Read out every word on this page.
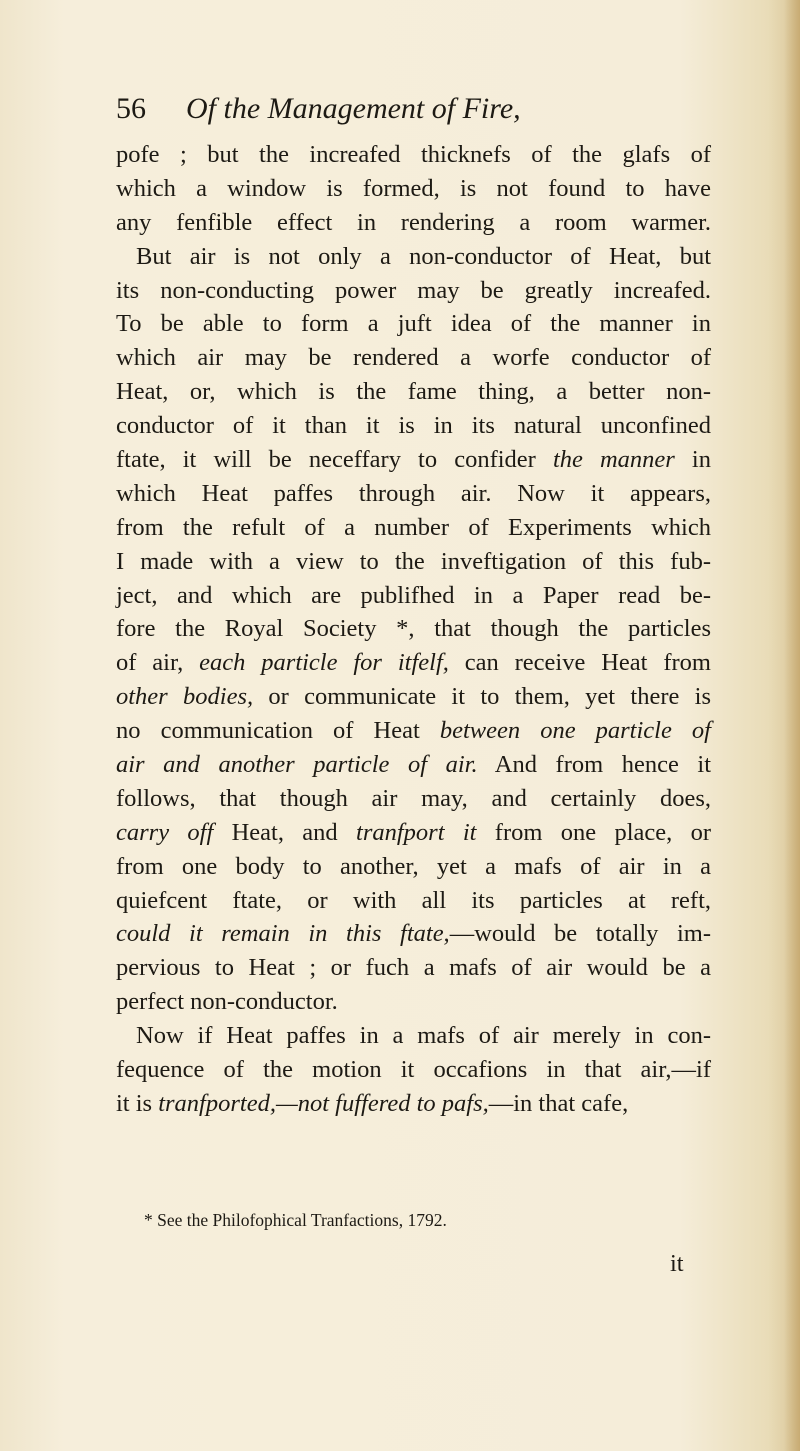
56 Of the Management of Fire,
pofe ; but the increafed thicknefs of the glafs of
which a window is formed, is not found to have
any fenfible effect in rendering a room warmer.
But air is not only a non-conductor of Heat, but
its non-conducting power may be greatly increafed.
To be able to form a juft idea of the manner in
which air may be rendered a worfe conductor of
Heat, or, which is the fame thing, a better non-
conductor of it than it is in its natural unconfined
ftate, it will be neceffary to confider the manner in
which Heat paffes through air. Now it appears,
from the refult of a number of Experiments which
I made with a view to the inveftigation of this fub-
ject, and which are publifhed in a Paper read be-
fore the Royal Society *, that though the particles
of air, each particle for itfelf, can receive Heat from
other bodies, or communicate it to them, yet there is
no communication of Heat between one particle of
air and another particle of air. And from hence it
follows, that though air may, and certainly does,
carry off Heat, and tranfport it from one place, or
from one body to another, yet a mafs of air in a
quiefcent ftate, or with all its particles at reft,
could it remain in this ftate,—would be totally im-
pervious to Heat ; or fuch a mafs of air would be a
perfect non-conductor.
Now if Heat paffes in a mafs of air merely in con-
fequence of the motion it occafions in that air,—if
it is tranfported,—not fuffered to pafs,—in that cafe,
* See the Philofophical Tranfactions, 1792.
it
